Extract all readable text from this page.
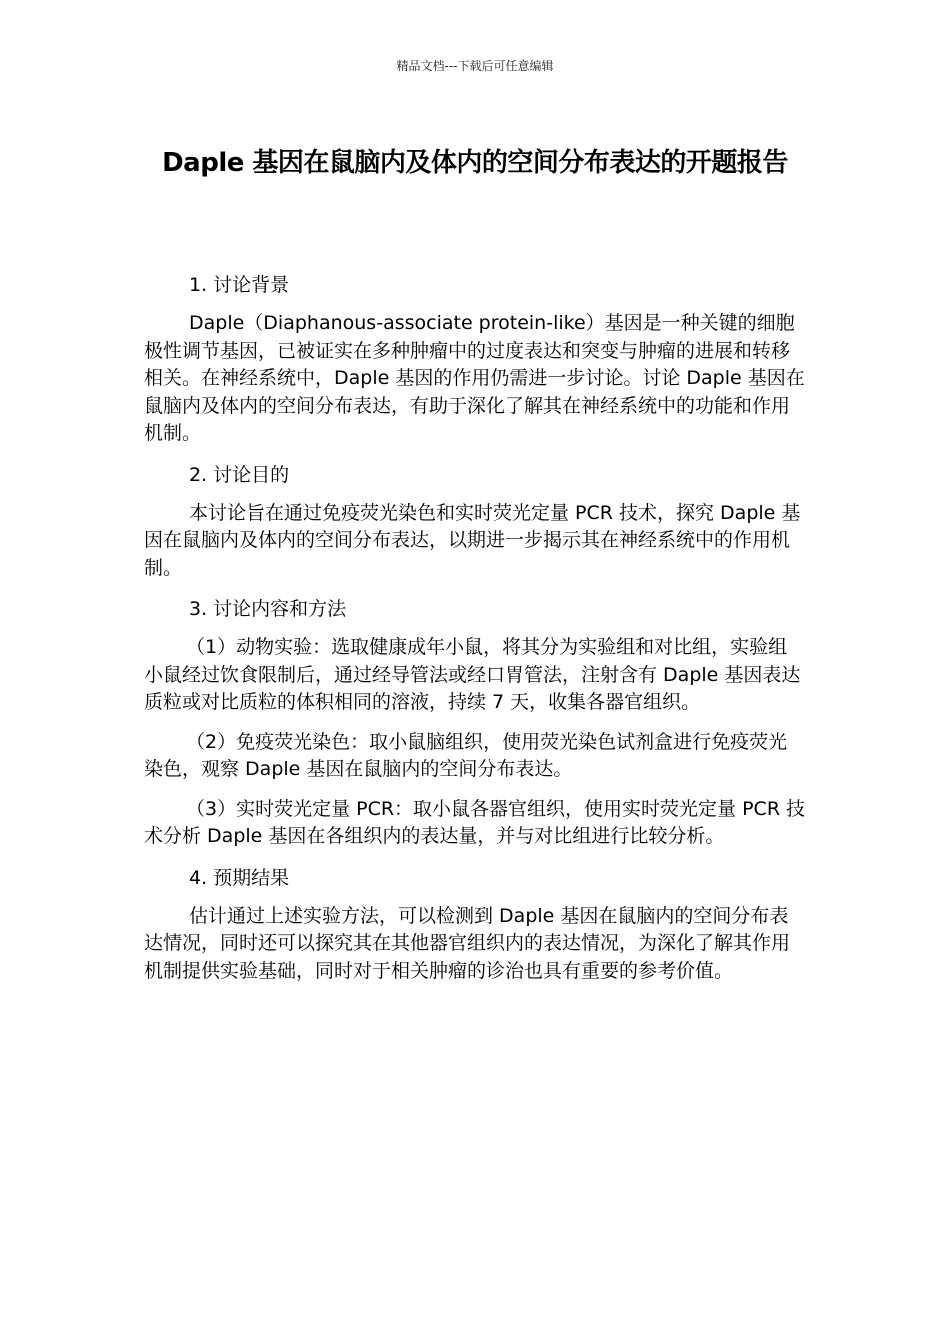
精品文档---下载后可任意编辑
Daple 基因在鼠脑内及体内的空间分布表达的开题报告

1. 讨论背景

Daple（Diaphanous-associate protein-like）基因是一种关键的细胞极性调节基因，已被证实在多种肿瘤中的过度表达和突变与肿瘤的进展和转移相关。在神经系统中，Daple 基因的作用仍需进一步讨论。讨论 Daple 基因在鼠脑内及体内的空间分布表达，有助于深化了解其在神经系统中的功能和作用机制。

2. 讨论目的

本讨论旨在通过免疫荧光染色和实时荧光定量 PCR 技术，探究 Daple 基因在鼠脑内及体内的空间分布表达，以期进一步揭示其在神经系统中的作用机制。

3. 讨论内容和方法

（1）动物实验：选取健康成年小鼠，将其分为实验组和对比组，实验组小鼠经过饮食限制后，通过经导管法或经口胃管法，注射含有 Daple 基因表达质粒或对比质粒的体积相同的溶液，持续 7 天，收集各器官组织。

（2）免疫荧光染色：取小鼠脑组织，使用荧光染色试剂盒进行免疫荧光染色，观察 Daple 基因在鼠脑内的空间分布表达。

（3）实时荧光定量 PCR：取小鼠各器官组织，使用实时荧光定量 PCR 技术分析 Daple 基因在各组织内的表达量，并与对比组进行比较分析。

4. 预期结果

估计通过上述实验方法，可以检测到 Daple 基因在鼠脑内的空间分布表达情况，同时还可以探究其在其他器官组织内的表达情况，为深化了解其作用机制提供实验基础，同时对于相关肿瘤的诊治也具有重要的参考价值。
